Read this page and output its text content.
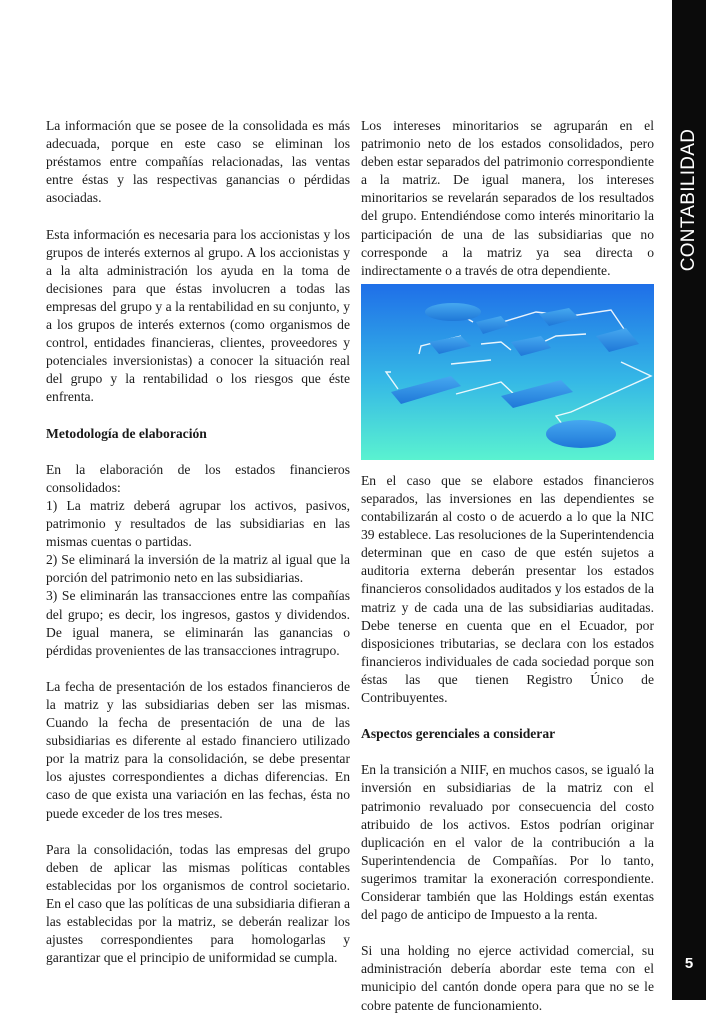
CONTABILIDAD
5

La información que se posee de la consolidada es más adecuada, porque en este caso se eliminan los préstamos entre compañías relacionadas, las ventas entre éstas y las respectivas ganancias o pérdidas asociadas.

Esta información es necesaria para los accionistas y los grupos de interés externos al grupo. A los accionistas y a la alta administración los ayuda en la toma de decisiones para que éstas involucren a todas las empresas del grupo y a la rentabilidad en su conjunto, y a los grupos de interés externos (como organismos de control, entidades financieras, clientes, proveedores y potenciales inversionistas) a conocer la situación real del grupo y la rentabilidad o los riesgos que éste enfrenta.

Metodología de elaboración

En la elaboración de los estados financieros consolidados:

1) La matriz deberá agrupar los activos, pasivos, patrimonio y resultados de las subsidiarias en las mismas cuentas o partidas.

2) Se eliminará la inversión de la matriz al igual que la porción del patrimonio neto en las subsidiarias.

3) Se eliminarán las transacciones entre las compañías del grupo; es decir, los ingresos, gastos y dividendos. De igual manera, se eliminarán las ganancias o pérdidas provenientes de las transacciones intragrupo.

La fecha de presentación de los estados financieros de la matriz y las subsidiarias deben ser las mismas. Cuando la fecha de presentación de una de las subsidiarias es diferente al estado financiero utilizado por la matriz para la consolidación, se debe presentar los ajustes correspondientes a dichas diferencias. En caso de que exista una variación en las fechas, ésta no puede exceder de los tres meses.

Para la consolidación, todas las empresas del grupo deben de aplicar las mismas políticas contables establecidas por los organismos de control societario. En el caso que las políticas de una subsidiaria difieran a las establecidas por la matriz, se deberán realizar los ajustes correspondientes para homologarlas y garantizar que el principio de uniformidad se cumpla.

Los intereses minoritarios se agruparán en el patrimonio neto de los estados consolidados, pero deben estar separados del patrimonio correspondiente a la matriz. De igual manera, los intereses minoritarios se revelarán separados de los resultados del grupo. Entendiéndose como interés minoritario la participación de una de las subsidiarias que no corresponde a la matriz ya sea directa o indirectamente o a través de otra dependiente.

En el caso que se elabore estados financieros separados, las inversiones en las dependientes se contabilizarán al costo o de acuerdo a lo que la NIC 39 establece. Las resoluciones de la Superintendencia determinan que en caso de que estén sujetos a auditoria externa deberán presentar los estados financieros consolidados auditados y los estados de la matriz y de cada una de las subsidiarias auditadas. Debe tenerse en cuenta que en el Ecuador, por disposiciones tributarias, se declara con los estados financieros individuales de cada sociedad porque son éstas las que tienen Registro Único de Contribuyentes.

Aspectos gerenciales a considerar

En la transición a NIIF, en muchos casos, se igualó la inversión en subsidiarias de la matriz con el patrimonio revaluado por consecuencia del costo atribuido de los activos. Estos podrían originar duplicación en el valor de la contribución a la Superintendencia de Compañías. Por lo tanto, sugerimos tramitar la exoneración correspondiente. Considerar también que las Holdings están exentas del pago de anticipo de Impuesto a la renta.

Si una holding no ejerce actividad comercial, su administración debería abordar este tema con el municipio del cantón donde opera para que no se le cobre patente de funcionamiento.
